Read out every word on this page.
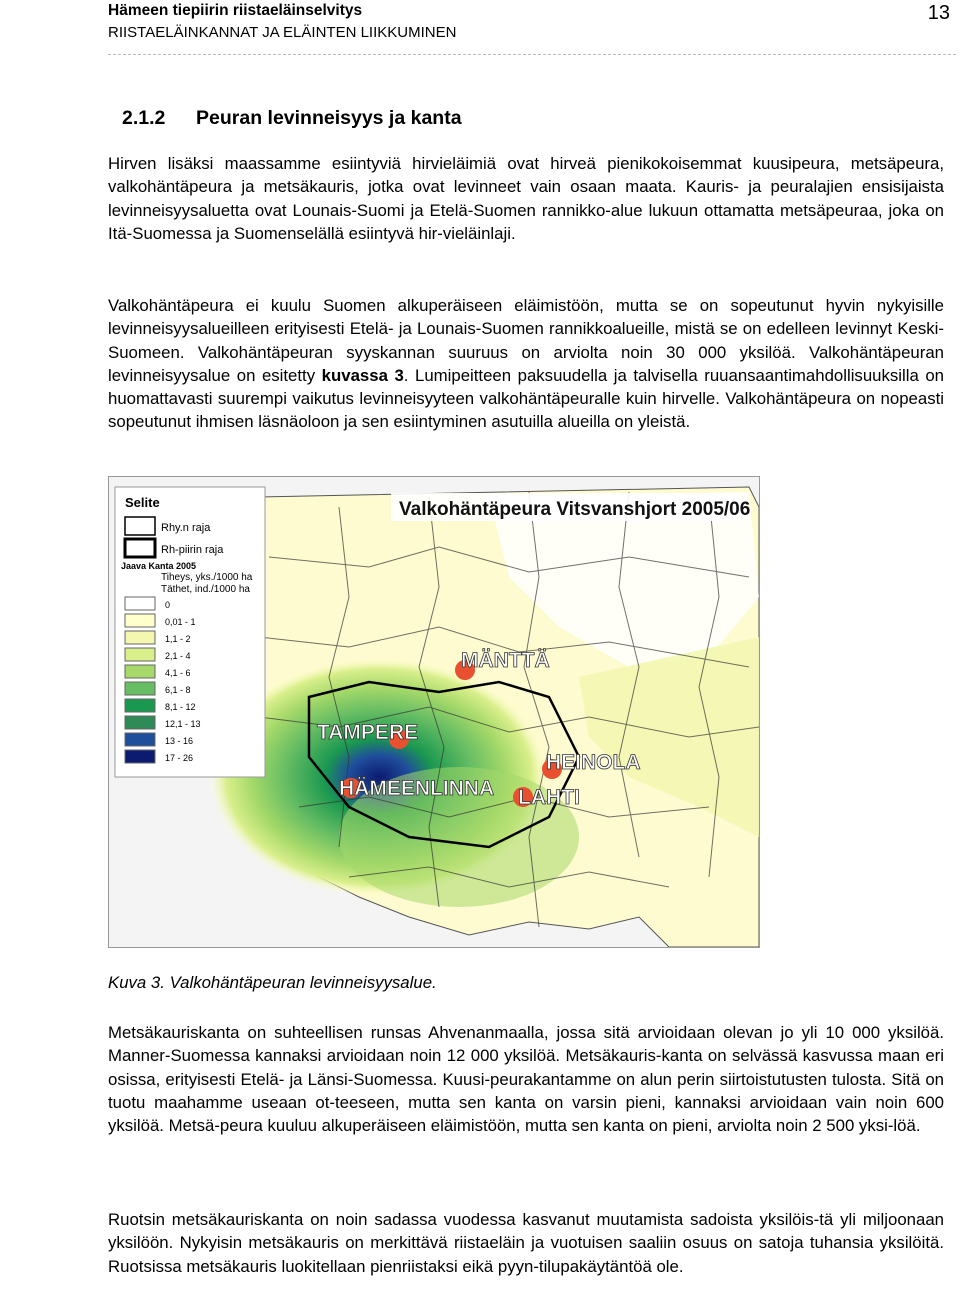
Hämeen tiepiirin riistaeläinselvitys
RIISTAELÄINKANNAT JA ELÄINTEN LIIKKUMINEN
13
2.1.2 Peuran levinneisyys ja kanta
Hirven lisäksi maassamme esiintyviä hirvieläimiä ovat hirveä pienikokoisemmat kuusipeura, metsäpeura, valkohäntäpeura ja metsäkauris, jotka ovat levinneet vain osaan maata. Kauris- ja peuralajien ensisijaista levinneisyysaluetta ovat Lounais-Suomi ja Etelä-Suomen rannikko-alue lukuun ottamatta metsäpeuraa, joka on Itä-Suomessa ja Suomenselällä esiintyvä hir-vieläinlaji.
Valkohäntäpeura ei kuulu Suomen alkuperäiseen eläimistöön, mutta se on sopeutunut hyvin nykyisille levinneisyysalueilleen erityisesti Etelä- ja Lounais-Suomen rannikkoalueille, mistä se on edelleen levinnyt Keski-Suomeen. Valkohäntäpeuran syyskannan suuruus on arviolta noin 30 000 yksilöä. Valkohäntäpeuran levinneisyysalue on esitetty kuvassa 3. Lumipeitteen paksuudella ja talvisella ruuansaantimahdollisuuksilla on huomattavasti suurempi vaikutus levinneisyyteen valkohäntäpeuralle kuin hirvelle. Valkohäntäpeura on nopeasti sopeutunut ihmisen läsnäoloon ja sen esiintyminen asutuilla alueilla on yleistä.
Valkohäntäpeura Vitsvanshjort 2005/06
Selite
Rhy.n raja
Rh-piirin raja
Jaava Kanta 2005
Tiheys, yks./1000 ha
Täthet, ind./1000 ha
0
0,01 - 1
1,1 - 2
2,1 - 4
4,1 - 6
6,1 - 8
8,1 - 12
12,1 - 13
13 - 16
17 - 26
MÄNTTÄ
TAMPERE
HEINOLA
HÄMEENLINNA LAHTI
Kuva 3. Valkohäntäpeuran levinneisyysalue.
Metsäkauriskanta on suhteellisen runsas Ahvenanmaalla, jossa sitä arvioidaan olevan jo yli 10 000 yksilöä. Manner-Suomessa kannaksi arvioidaan noin 12 000 yksilöä. Metsäkauris-kanta on selvässä kasvussa maan eri osissa, erityisesti Etelä- ja Länsi-Suomessa. Kuusi-peurakantamme on alun perin siirtoistutusten tulosta. Sitä on tuotu maahamme useaan ot-teeseen, mutta sen kanta on varsin pieni, kannaksi arvioidaan vain noin 600 yksilöä. Metsä-peura kuuluu alkuperäiseen eläimistöön, mutta sen kanta on pieni, arviolta noin 2 500 yksi-löä.
Ruotsin metsäkauriskanta on noin sadassa vuodessa kasvanut muutamista sadoista yksilöis-tä yli miljoonaan yksilöön. Nykyisin metsäkauris on merkittävä riistaeläin ja vuotuisen saaliin osuus on satoja tuhansia yksilöitä. Ruotsissa metsäkauris luokitellaan pienriistaksi eikä pyyn-tilupakäytäntöä ole.
